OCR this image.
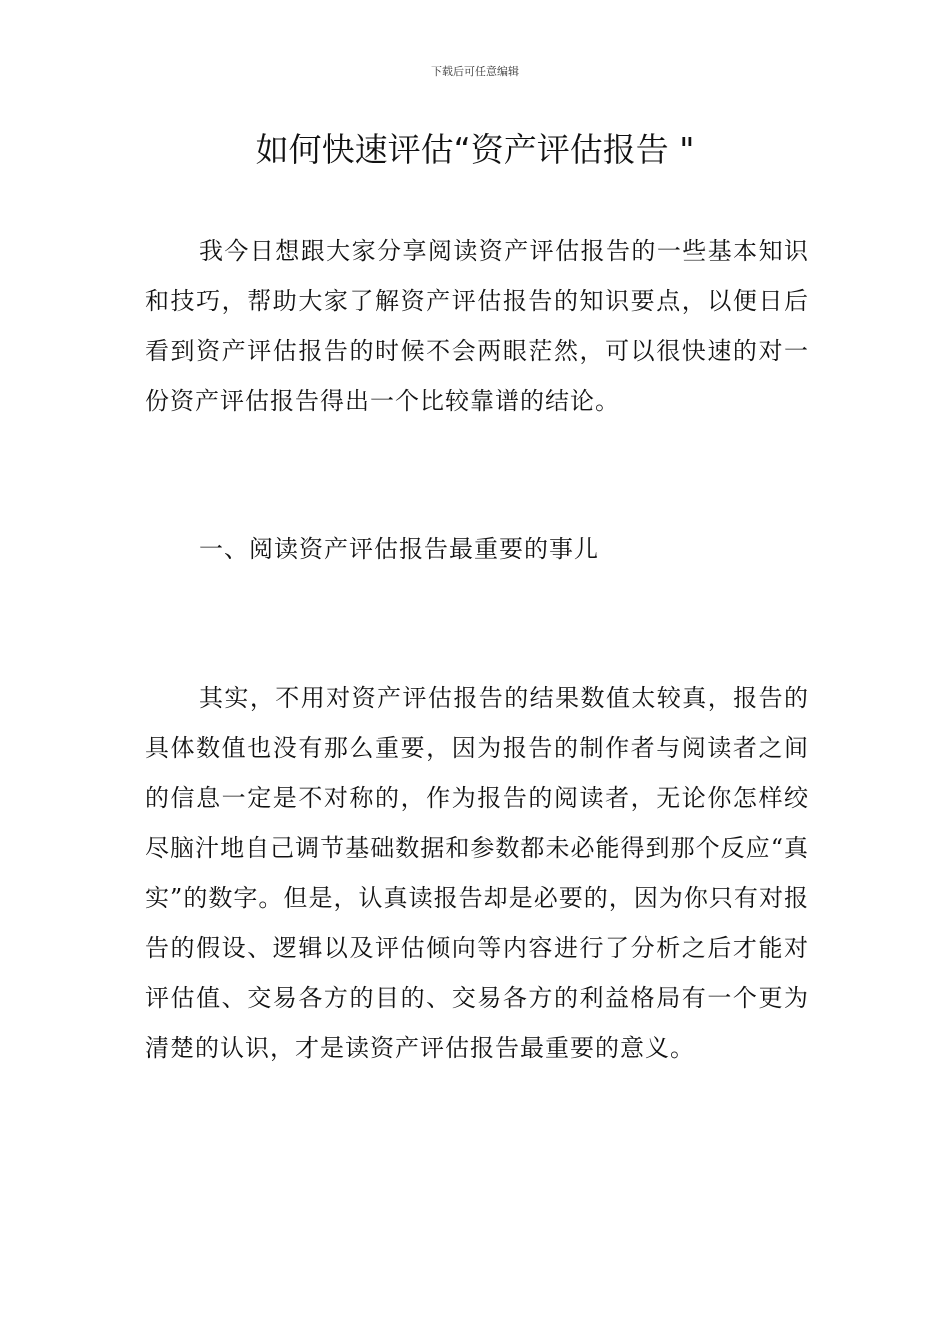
下载后可任意编辑
如何快速评估“资产评估报告 "

我今日想跟大家分享阅读资产评估报告的一些基本知识和技巧，帮助大家了解资产评估报告的知识要点，以便日后看到资产评估报告的时候不会两眼茫然，可以很快速的对一份资产评估报告得出一个比较靠谱的结论。

一、阅读资产评估报告最重要的事儿

其实，不用对资产评估报告的结果数值太较真，报告的具体数值也没有那么重要，因为报告的制作者与阅读者之间的信息一定是不对称的，作为报告的阅读者，无论你怎样绞尽脑汁地自己调节基础数据和参数都未必能得到那个反应“真实”的数字。但是，认真读报告却是必要的，因为你只有对报告的假设、逻辑以及评估倾向等内容进行了分析之后才能对评估值、交易各方的目的、交易各方的利益格局有一个更为清楚的认识，才是读资产评估报告最重要的意义。
